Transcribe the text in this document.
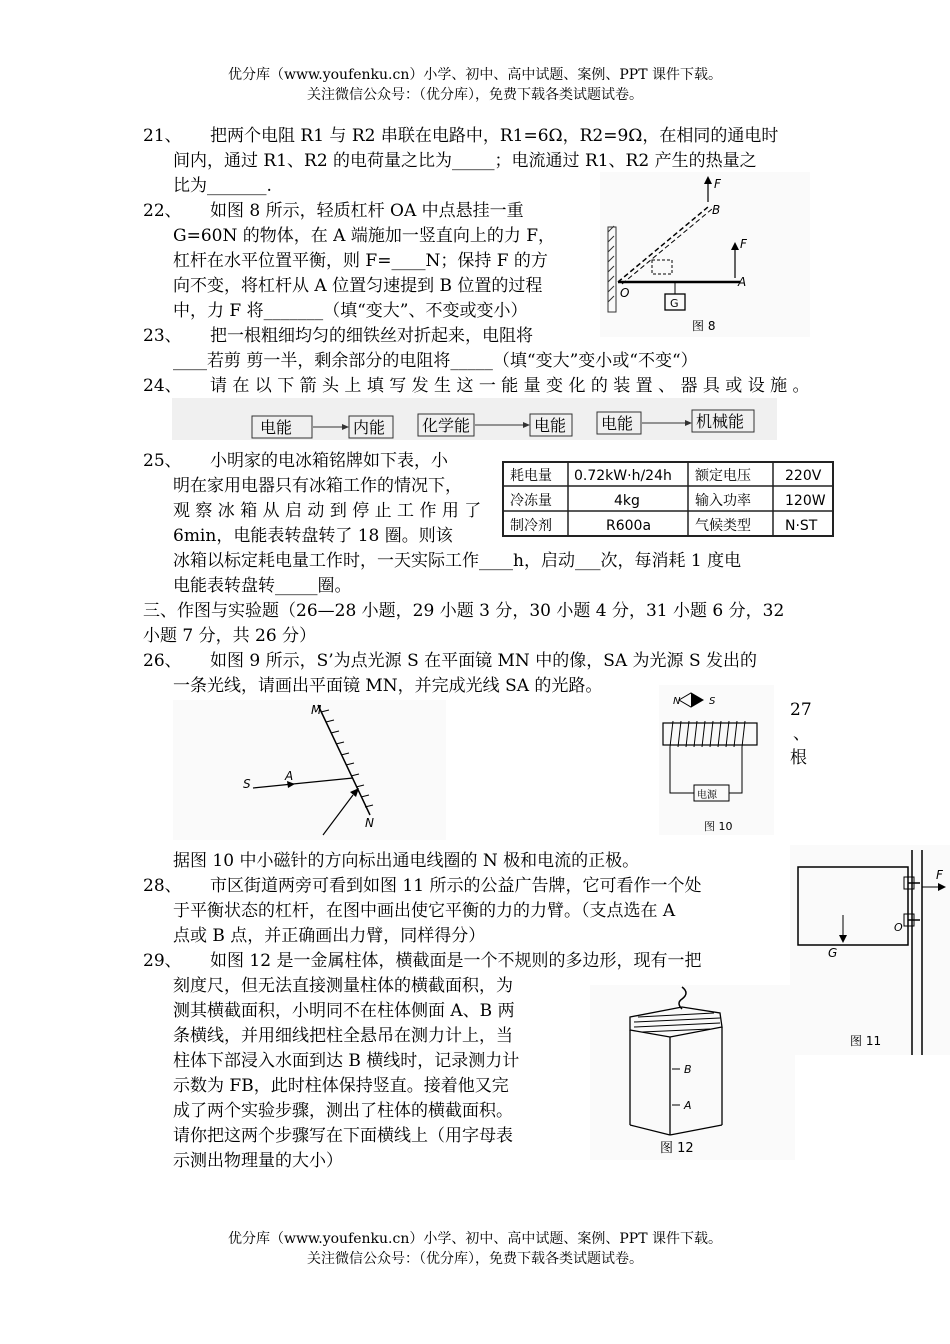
优分库（www.youfenku.cn）小学、初中、高中试题、案例、PPT 课件下载。
关注微信公众号：（优分库），免费下载各类试题试卷。
21、 把两个电阻 R1 与 R2 串联在电路中，R1=6Ω，R2=9Ω，在相同的通电时
间内，通过 R1、R2 的电荷量之比为_____；电流通过 R1、R2 产生的热量之
比为_______.
22、 如图 8 所示，轻质杠杆 OA 中点悬挂一重
G=60N 的物体，在 A 端施加一竖直向上的力 F，
杠杆在水平位置平衡，则 F=____N；保持 F 的方
向不变，将杠杆从 A 位置匀速提到 B 位置的过程
中，力 F 将_______（填“变大”、不变或变小）
F
B
F
A
O
G
图 8
23、 把一根粗细均匀的细铁丝对折起来，电阻将
____若剪 剪一半，剩余部分的电阻将_____（填“变大”变小或“不变“）
24、 请 在 以 下 箭 头 上 填 写 发 生 这 一 能 量 变 化 的 装 置 、 器 具 或 设 施 。
电能	内能 化学能	电能 电能	机械能
25、 小明家的电冰箱铭牌如下表，小
明在家用电器只有冰箱工作的情况下，
观 察 冰 箱 从 启 动 到 停 止 工 作 用 了
6min，电能表转盘转了 18 圈。则该
冰箱以标定耗电量工作时，一天实际工作____h，启动___次，每消耗 1 度电
电能表转盘转_____圈。
耗电量 0.72kW·h/24h 额定电压 220V
冷冻量	4kg	输入功率 120W
制冷剂	R600a	气候类型 N·ST
三、作图与实验题（26—28 小题，29 小题 3 分，30 小题 4 分，31 小题 6 分，32
小题 7 分，共 26 分）
26、 如图 9 所示，S’为点光源 S 在平面镜 MN 中的像，SA 为光源 S 发出的
一条光线，请画出平面镜 MN，并完成光线 SA 的光路。
M
N
S
A
N	S
电源
图 10
27
、
根
据图 10 中小磁针的方向标出通电线圈的 N 极和电流的正极。
F
G
O
图 11
28、 市区街道两旁可看到如图 11 所示的公益广告牌，它可看作一个处
于平衡状态的杠杆，在图中画出使它平衡的力的力臂。（支点选在 A
点或 B 点，并正确画出力臂，同样得分）
29、 如图 12 是一金属柱体，横截面是一个不规则的多边形，现有一把
刻度尺，但无法直接测量柱体的横截面积，为
测其横截面积，小明同不在柱体侧面 A、B 两
条横线，并用细线把柱全悬吊在测力计上，当
柱体下部浸入水面到达 B 横线时，记录测力计
示数为 FB，此时柱体保持竖直。接着他又完
成了两个实验步骤，测出了柱体的横截面积。
请你把这两个步骤写在下面横线上（用字母表
示测出物理量的大小）
B
A
图 12
优分库（www.youfenku.cn）小学、初中、高中试题、案例、PPT 课件下载。
关注微信公众号：（优分库），免费下载各类试题试卷。
